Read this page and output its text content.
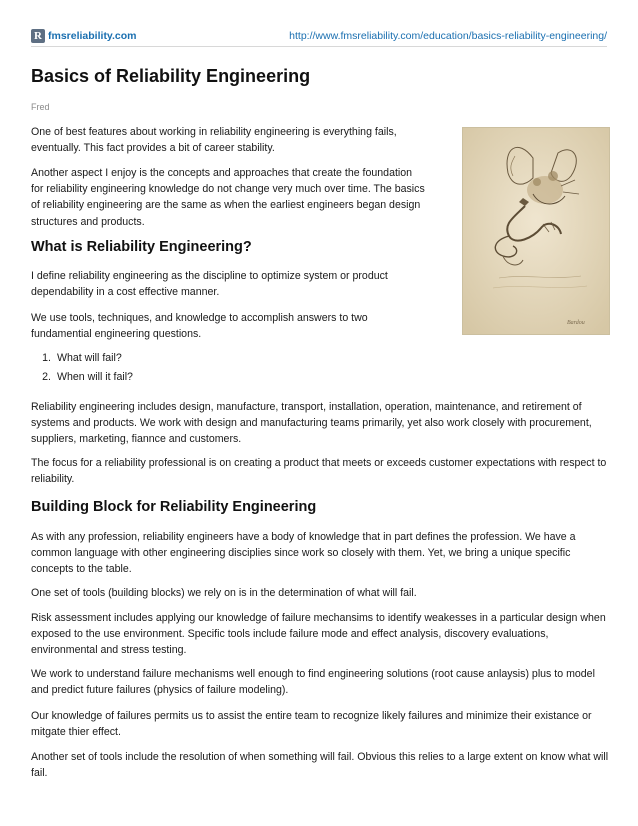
R fmsreliability.com	http://www.fmsreliability.com/education/basics-reliability-engineering/
Basics of Reliability Engineering
Fred

One of best features about working in reliability engineering is everything fails, eventually. This fact provides a bit of career stability.

Another aspect I enjoy is the concepts and approaches that create the foundation for reliability engineering knowledge do not change very much over time. The basics of reliability engineering are the same as when the earliest engineers began design structures and products.

What is Reliability Engineering?

I define reliability engineering as the discipline to optimize system or product dependability in a cost effective manner.

We use tools, techniques, and knowledge to accomplish answers to two fundamential engineering questions.

1. What will fail?
2. When will it fail?

Reliability engineering includes design, manufacture, transport, installation, operation, maintenance, and retirement of systems and products. We work with design and manufacturing teams primarily, yet also work closely with procurement, suppliers, marketing, fiannce and customers.

The focus for a reliability professional is on creating a product that meets or exceeds customer expectations with respect to reliability.

Building Block for Reliability Engineering

As with any profession, reliability engineers have a body of knowledge that in part defines the profession. We have a common language with other engineering disciplies since work so closely with them. Yet, we bring a unique specific concepts to the table.

One set of tools (building blocks) we rely on is in the determination of what will fail.

Risk assessment includes applying our knowledge of failure mechansims to identify weakesses in a particular design when exposed to the use environment. Specific tools include failure mode and effect analysis, discovery evaluations, environmental and stress testing.

We work to understand failure mechanisms well enough to find engineering solutions (root cause anlaysis) plus to model and predict future failures (physics of failure modeling).

Our knowledge of failures permits us to assist the entire team to recognize likely failures and minimize their existance or mitgate thier effect.

Another set of tools include the resolution of when something will fail. Obvious this relies to a large extent on know what will fail.

Bardou
